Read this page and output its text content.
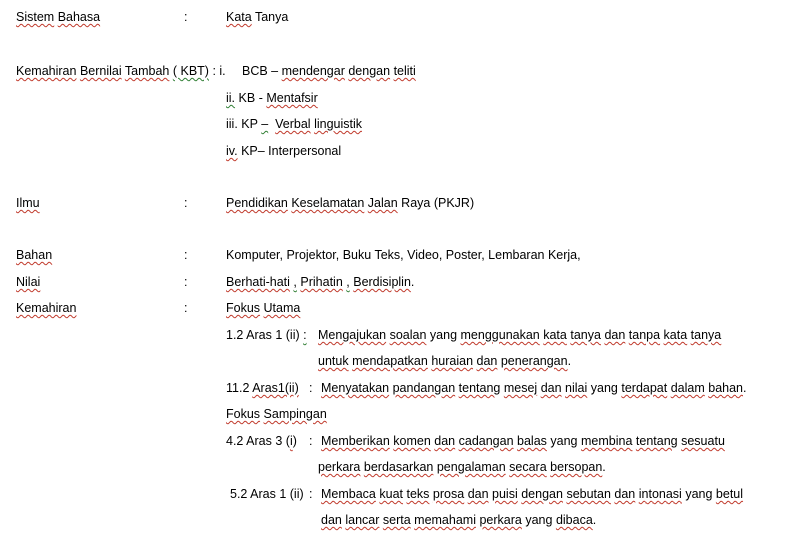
Sistem Bahasa	:	Kata Tanya
Kemahiran Bernilai Tambah ( KBT) : i. BCB – mendengar dengan teliti
ii. KB - Mentafsir
iii. KP – Verbal linguistik
iv. KP– Interpersonal
Ilmu	:	Pendidikan Keselamatan Jalan Raya (PKJR)
Bahan	:	Komputer, Projektor, Buku Teks, Video, Poster, Lembaran Kerja,
Nilai	:	Berhati-hati , Prihatin , Berdisiplin.
Kemahiran	:	Fokus Utama
1.2 Aras 1 (ii) : Mengajukan soalan yang menggunakan kata tanya dan tanpa kata tanya
untuk mendapatkan huraian dan penerangan.
11.2 Aras1(ii) : Menyatakan pandangan tentang mesej dan nilai yang terdapat dalam bahan.
Fokus Sampingan
4.2 Aras 3 (i) : Memberikan komen dan cadangan balas yang membina tentang sesuatu
perkara berdasarkan pengalaman secara bersopan.
5.2 Aras 1 (ii) : Membaca kuat teks prosa dan puisi dengan sebutan dan intonasi yang betul
dan lancar serta memahami perkara yang dibaca.
